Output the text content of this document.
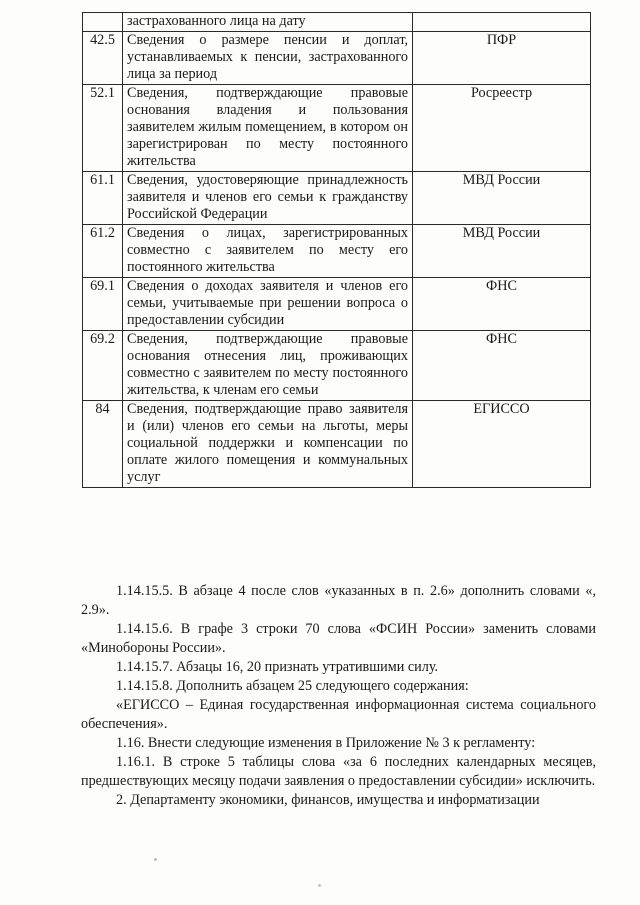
	застрахованного лица на дату	
42.5	Сведения о размере пенсии и доплат, устанавливаемых к пенсии, застрахованного лица за период	ПФР
52.1	Сведения, подтверждающие правовые основания владения и пользования заявителем жилым помещением, в котором он зарегистрирован по месту постоянного жительства	Росреестр
61.1	Сведения, удостоверяющие принадлежность заявителя и членов его семьи к гражданству Российской Федерации	МВД России
61.2	Сведения о лицах, зарегистрированных совместно с заявителем по месту его постоянного жительства	МВД России
69.1	Сведения о доходах заявителя и членов его семьи, учитываемые при решении вопроса о предоставлении субсидии	ФНС
69.2	Сведения, подтверждающие правовые основания отнесения лиц, проживающих совместно с заявителем по месту постоянного жительства, к членам его семьи	ФНС
84	Сведения, подтверждающие право заявителя и (или) членов его семьи на льготы, меры социальной поддержки и компенсации по оплате жилого помещения и коммунальных услуг	ЕГИССО

1.14.15.5. В абзаце 4 после слов «указанных в п. 2.6» дополнить словами «, 2.9».

1.14.15.6. В графе 3 строки 70 слова «ФСИН России» заменить словами «Минобороны России».

1.14.15.7. Абзацы 16, 20 признать утратившими силу.

1.14.15.8. Дополнить абзацем 25 следующего содержания:

«ЕГИССО – Единая государственная информационная система социального обеспечения».

1.16. Внести следующие изменения в Приложение № 3 к регламенту:

1.16.1. В строке 5 таблицы слова «за 6 последних календарных месяцев, предшествующих месяцу подачи заявления о предоставлении субсидии» исключить.

2. Департаменту экономики, финансов, имущества и информатизации
